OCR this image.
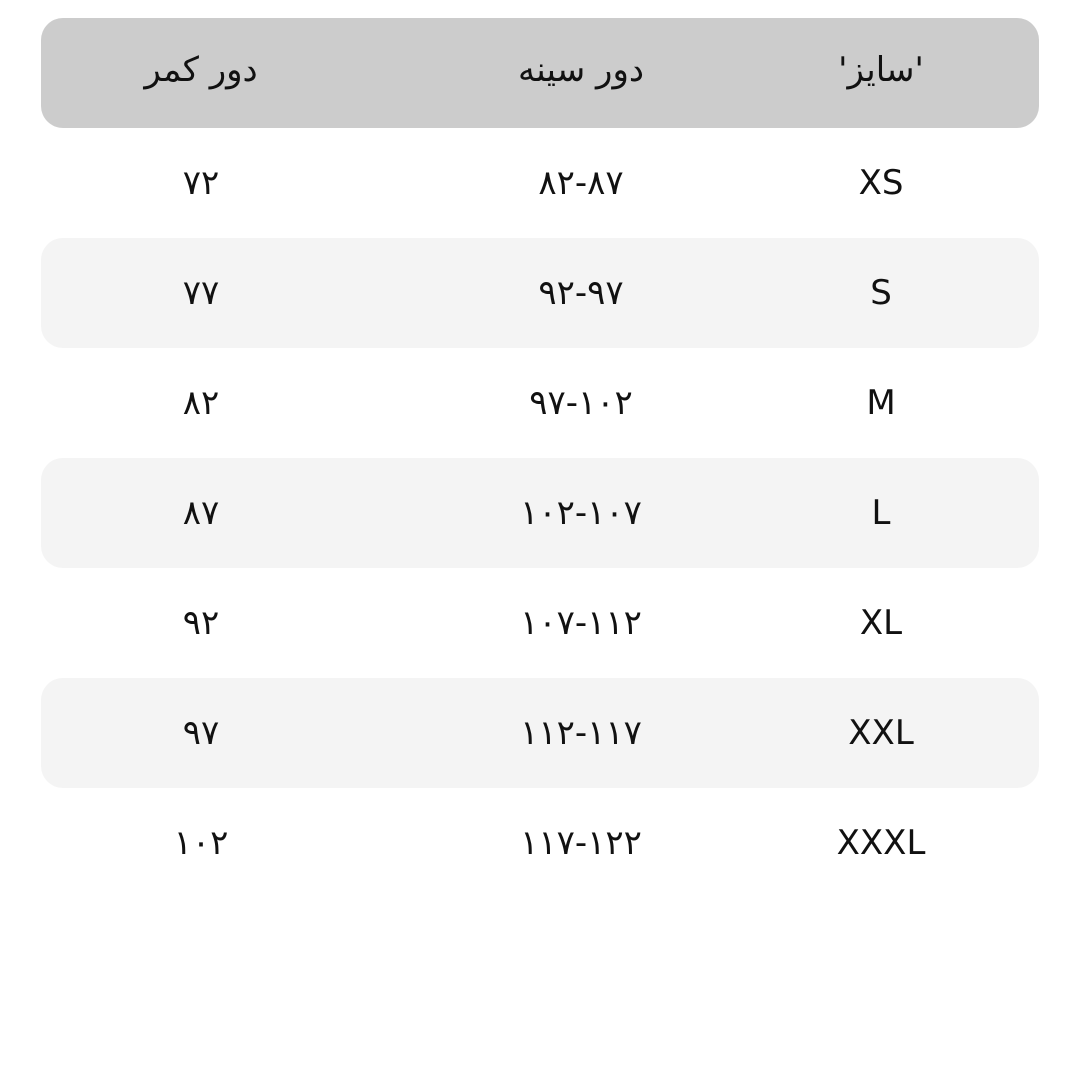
دور کمر	دور سینه	'سایز'
۷۲	۸۲-۸۷	XS
۷۷	۹۲-۹۷	S
۸۲	۹۷-۱۰۲	M
۸۷	۱۰۲-۱۰۷	L
۹۲	۱۰۷-۱۱۲	XL
۹۷	۱۱۲-۱۱۷	XXL
۱۰۲	۱۱۷-۱۲۲	XXXL
